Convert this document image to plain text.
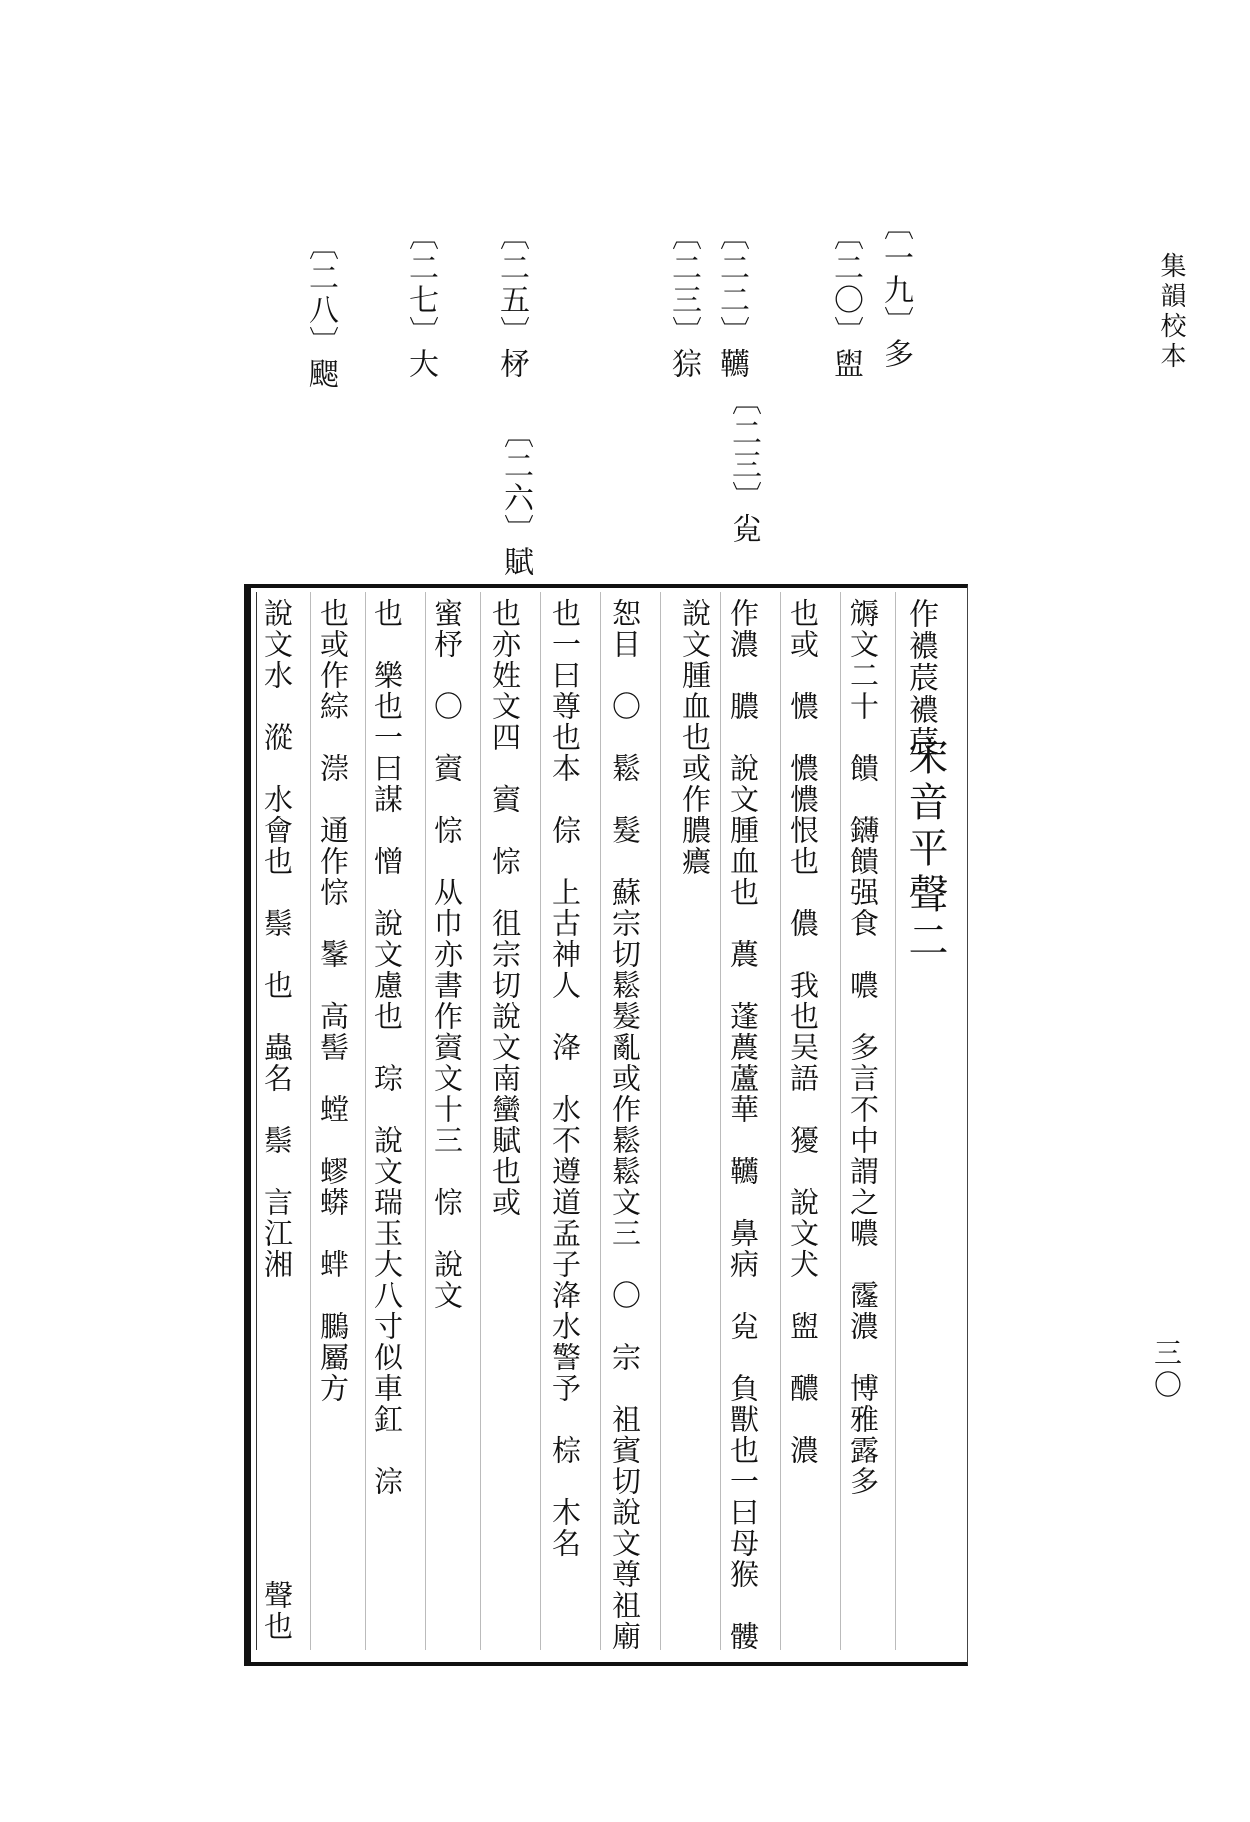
集韻校本
三〇
〔一九〕多
〔二〇〕盥
〔二二〕韉
〔二三〕㝸
〔二三〕猔
〔二五〕柕
〔二六〕賦
〔二七〕大
〔二八〕颸
宋音平聲二
作襛莀襛莀
䢇文二十　饋　鑮饋强食　噥　多言不中謂之噥　霳濃　博雅露多
也或　憹　憹憹恨也　儂　我也吴語　獶　說文犬　盥　醲　濃
作濃　膿　說文腫血也　蕽　蓬蕽蘆華　韉　鼻病　㝸　負獸也一曰母猴　髏
說文腫血也或作膿癑
恕目　〇　鬆　髮　蘇宗切鬆髮亂或作鬆鬆文三　〇　宗　祖賓切說文尊祖廟
也一曰尊也本　倧　上古神人　洚　水不遵道孟子洚水警予　棕　木名
也亦姓文四　賨　悰　徂宗切說文南蠻賦也或
蜜杼　〇　賨　悰　从巾亦書作賨文十三　悰　說文
也　樂也一曰謀　憎　說文慮也　琮　說文瑞玉大八寸似車釭　淙
也或作綜　漴　通作悰　髼　高髻　螳　蟉蟒　蝆　鵩屬方
說文水　漎　水會也　鬃　也　蟲名　鬃　言江湘
聲也
